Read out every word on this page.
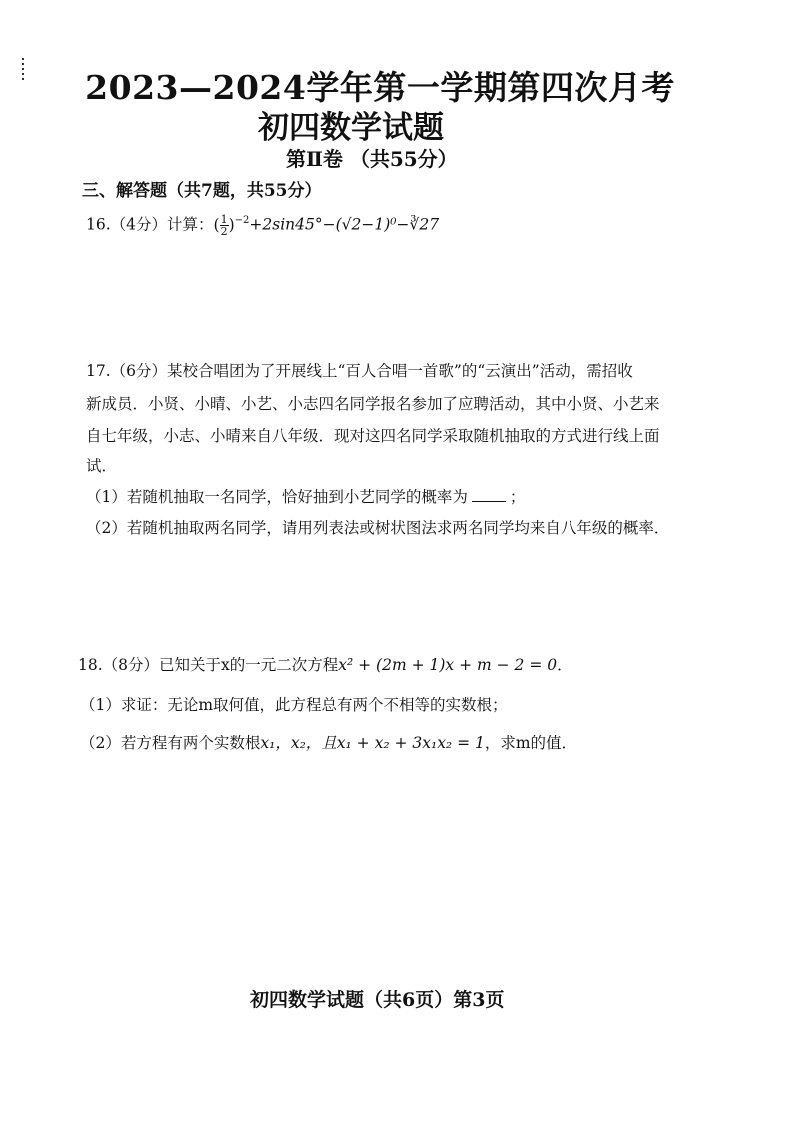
2023—2024学年第一学期第四次月考
初四数学试题
第Ⅱ卷 （共55分）
三、解答题（共7题，共55分）
16.（4分）计算：( $\frac{1}{2}$ )$^{-2}$+2sin45°−(√2−1)⁰−∛27
17.（6分）某校合唱团为了开展线上“百人合唱一首歌”的“云演出”活动，需招收
新成员．小贤、小晴、小艺、小志四名同学报名参加了应聘活动，其中小贤、小艺来
自七年级，小志、小晴来自八年级．现对这四名同学采取随机抽取的方式进行线上面
试．
（1）若随机抽取一名同学，恰好抽到小艺同学的概率为	；
（2）若随机抽取两名同学，请用列表法或树状图法求两名同学均来自八年级的概率．
18.（8分）已知关于x的一元二次方程x² + (2m + 1)x + m − 2 = 0．
（1）求证：无论m取何值，此方程总有两个不相等的实数根；
（2）若方程有两个实数根x₁，x₂，且x₁ + x₂ + 3x₁x₂ = 1，求m的值．
初四数学试题（共6页）第3页
